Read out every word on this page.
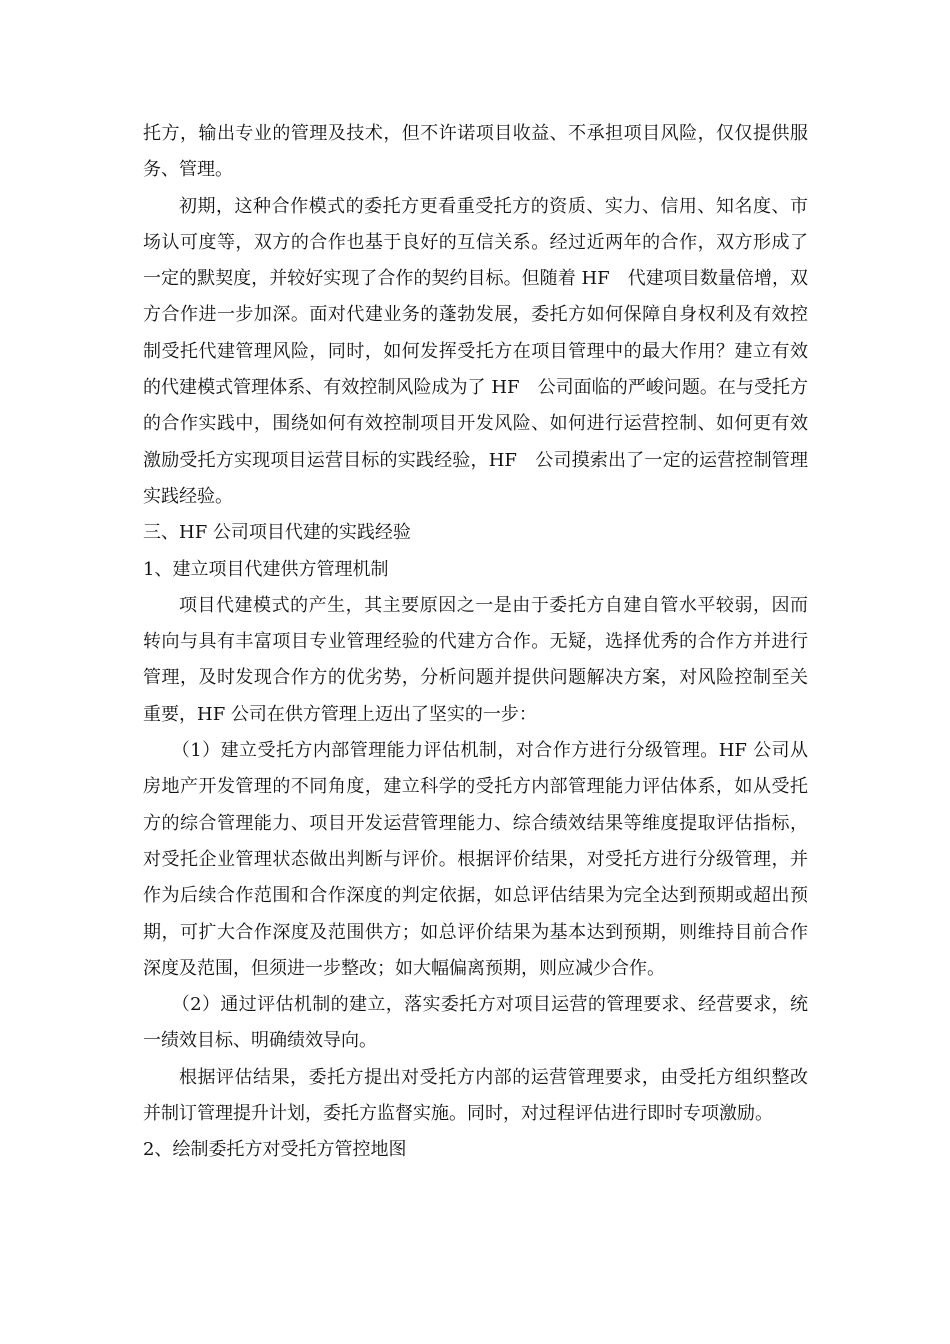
托方，输出专业的管理及技术，但不许诺项目收益、不承担项目风险，仅仅提供服务、管理。

初期，这种合作模式的委托方更看重受托方的资质、实力、信用、知名度、市场认可度等，双方的合作也基于良好的互信关系。经过近两年的合作，双方形成了一定的默契度，并较好实现了合作的契约目标。但随着 HF　代建项目数量倍增，双方合作进一步加深。面对代建业务的蓬勃发展，委托方如何保障自身权利及有效控制受托代建管理风险，同时，如何发挥受托方在项目管理中的最大作用？建立有效的代建模式管理体系、有效控制风险成为了 HF　公司面临的严峻问题。在与受托方的合作实践中，围绕如何有效控制项目开发风险、如何进行运营控制、如何更有效激励受托方实现项目运营目标的实践经验，HF　公司摸索出了一定的运营控制管理实践经验。

三、HF 公司项目代建的实践经验

1、建立项目代建供方管理机制

项目代建模式的产生，其主要原因之一是由于委托方自建自管水平较弱，因而转向与具有丰富项目专业管理经验的代建方合作。无疑，选择优秀的合作方并进行管理，及时发现合作方的优劣势，分析问题并提供问题解决方案，对风险控制至关重要，HF 公司在供方管理上迈出了坚实的一步：

（1）建立受托方内部管理能力评估机制，对合作方进行分级管理。HF 公司从房地产开发管理的不同角度，建立科学的受托方内部管理能力评估体系，如从受托方的综合管理能力、项目开发运营管理能力、综合绩效结果等维度提取评估指标，对受托企业管理状态做出判断与评价。根据评价结果，对受托方进行分级管理，并作为后续合作范围和合作深度的判定依据，如总评估结果为完全达到预期或超出预期，可扩大合作深度及范围供方；如总评价结果为基本达到预期，则维持目前合作深度及范围，但须进一步整改；如大幅偏离预期，则应减少合作。

（2）通过评估机制的建立，落实委托方对项目运营的管理要求、经营要求，统一绩效目标、明确绩效导向。

根据评估结果，委托方提出对受托方内部的运营管理要求，由受托方组织整改并制订管理提升计划，委托方监督实施。同时，对过程评估进行即时专项激励。

2、绘制委托方对受托方管控地图
